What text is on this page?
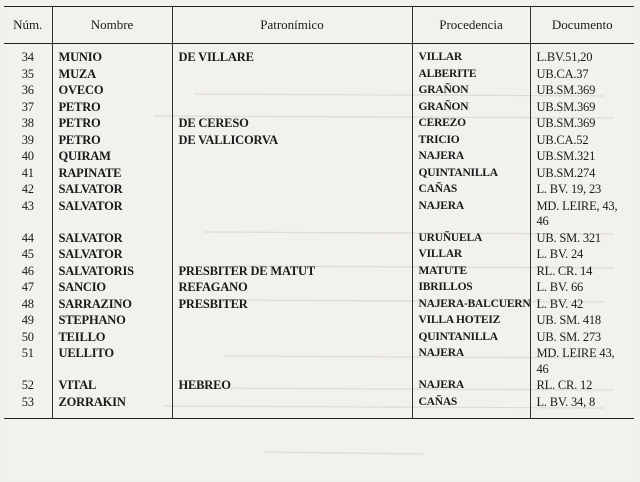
Núm.	Nombre	Patronímico	Procedencia	Documento
34	MUNIO	DE VILLARE	VILLAR	L.BV.51,20
35	MUZA		ALBERITE	UB.CA.37
36	OVECO		GRAÑON	UB.SM.369
37	PETRO		GRAÑON	UB.SM.369
38	PETRO	DE CERESO	CEREZO	UB.SM.369
39	PETRO	DE VALLICORVA	TRICIO	UB.CA.52
40	QUIRAM		NAJERA	UB.SM.321
41	RAPINATE		QUINTANILLA	UB.SM.274
42	SALVATOR		CAÑAS	L. BV. 19, 23
43	SALVATOR		NAJERA	MD. LEIRE, 43, 46
44	SALVATOR		URUÑUELA	UB. SM. 321
45	SALVATOR		VILLAR	L. BV. 24
46	SALVATORIS	PRESBITER DE MATUT	MATUTE	RL. CR. 14
47	SANCIO	REFAGANO	IBRILLOS	L. BV. 66
48	SARRAZINO	PRESBITER	NAJERA-BALCUERN	L. BV. 42
49	STEPHANO		VILLA HOTEIZ	UB. SM. 418
50	TEILLO		QUINTANILLA	UB. SM. 273
51	UELLITO		NAJERA	MD. LEIRE 43, 46
52	VITAL	HEBREO	NAJERA	RL. CR. 12
53	ZORRAKIN		CAÑAS	L. BV. 34, 8
